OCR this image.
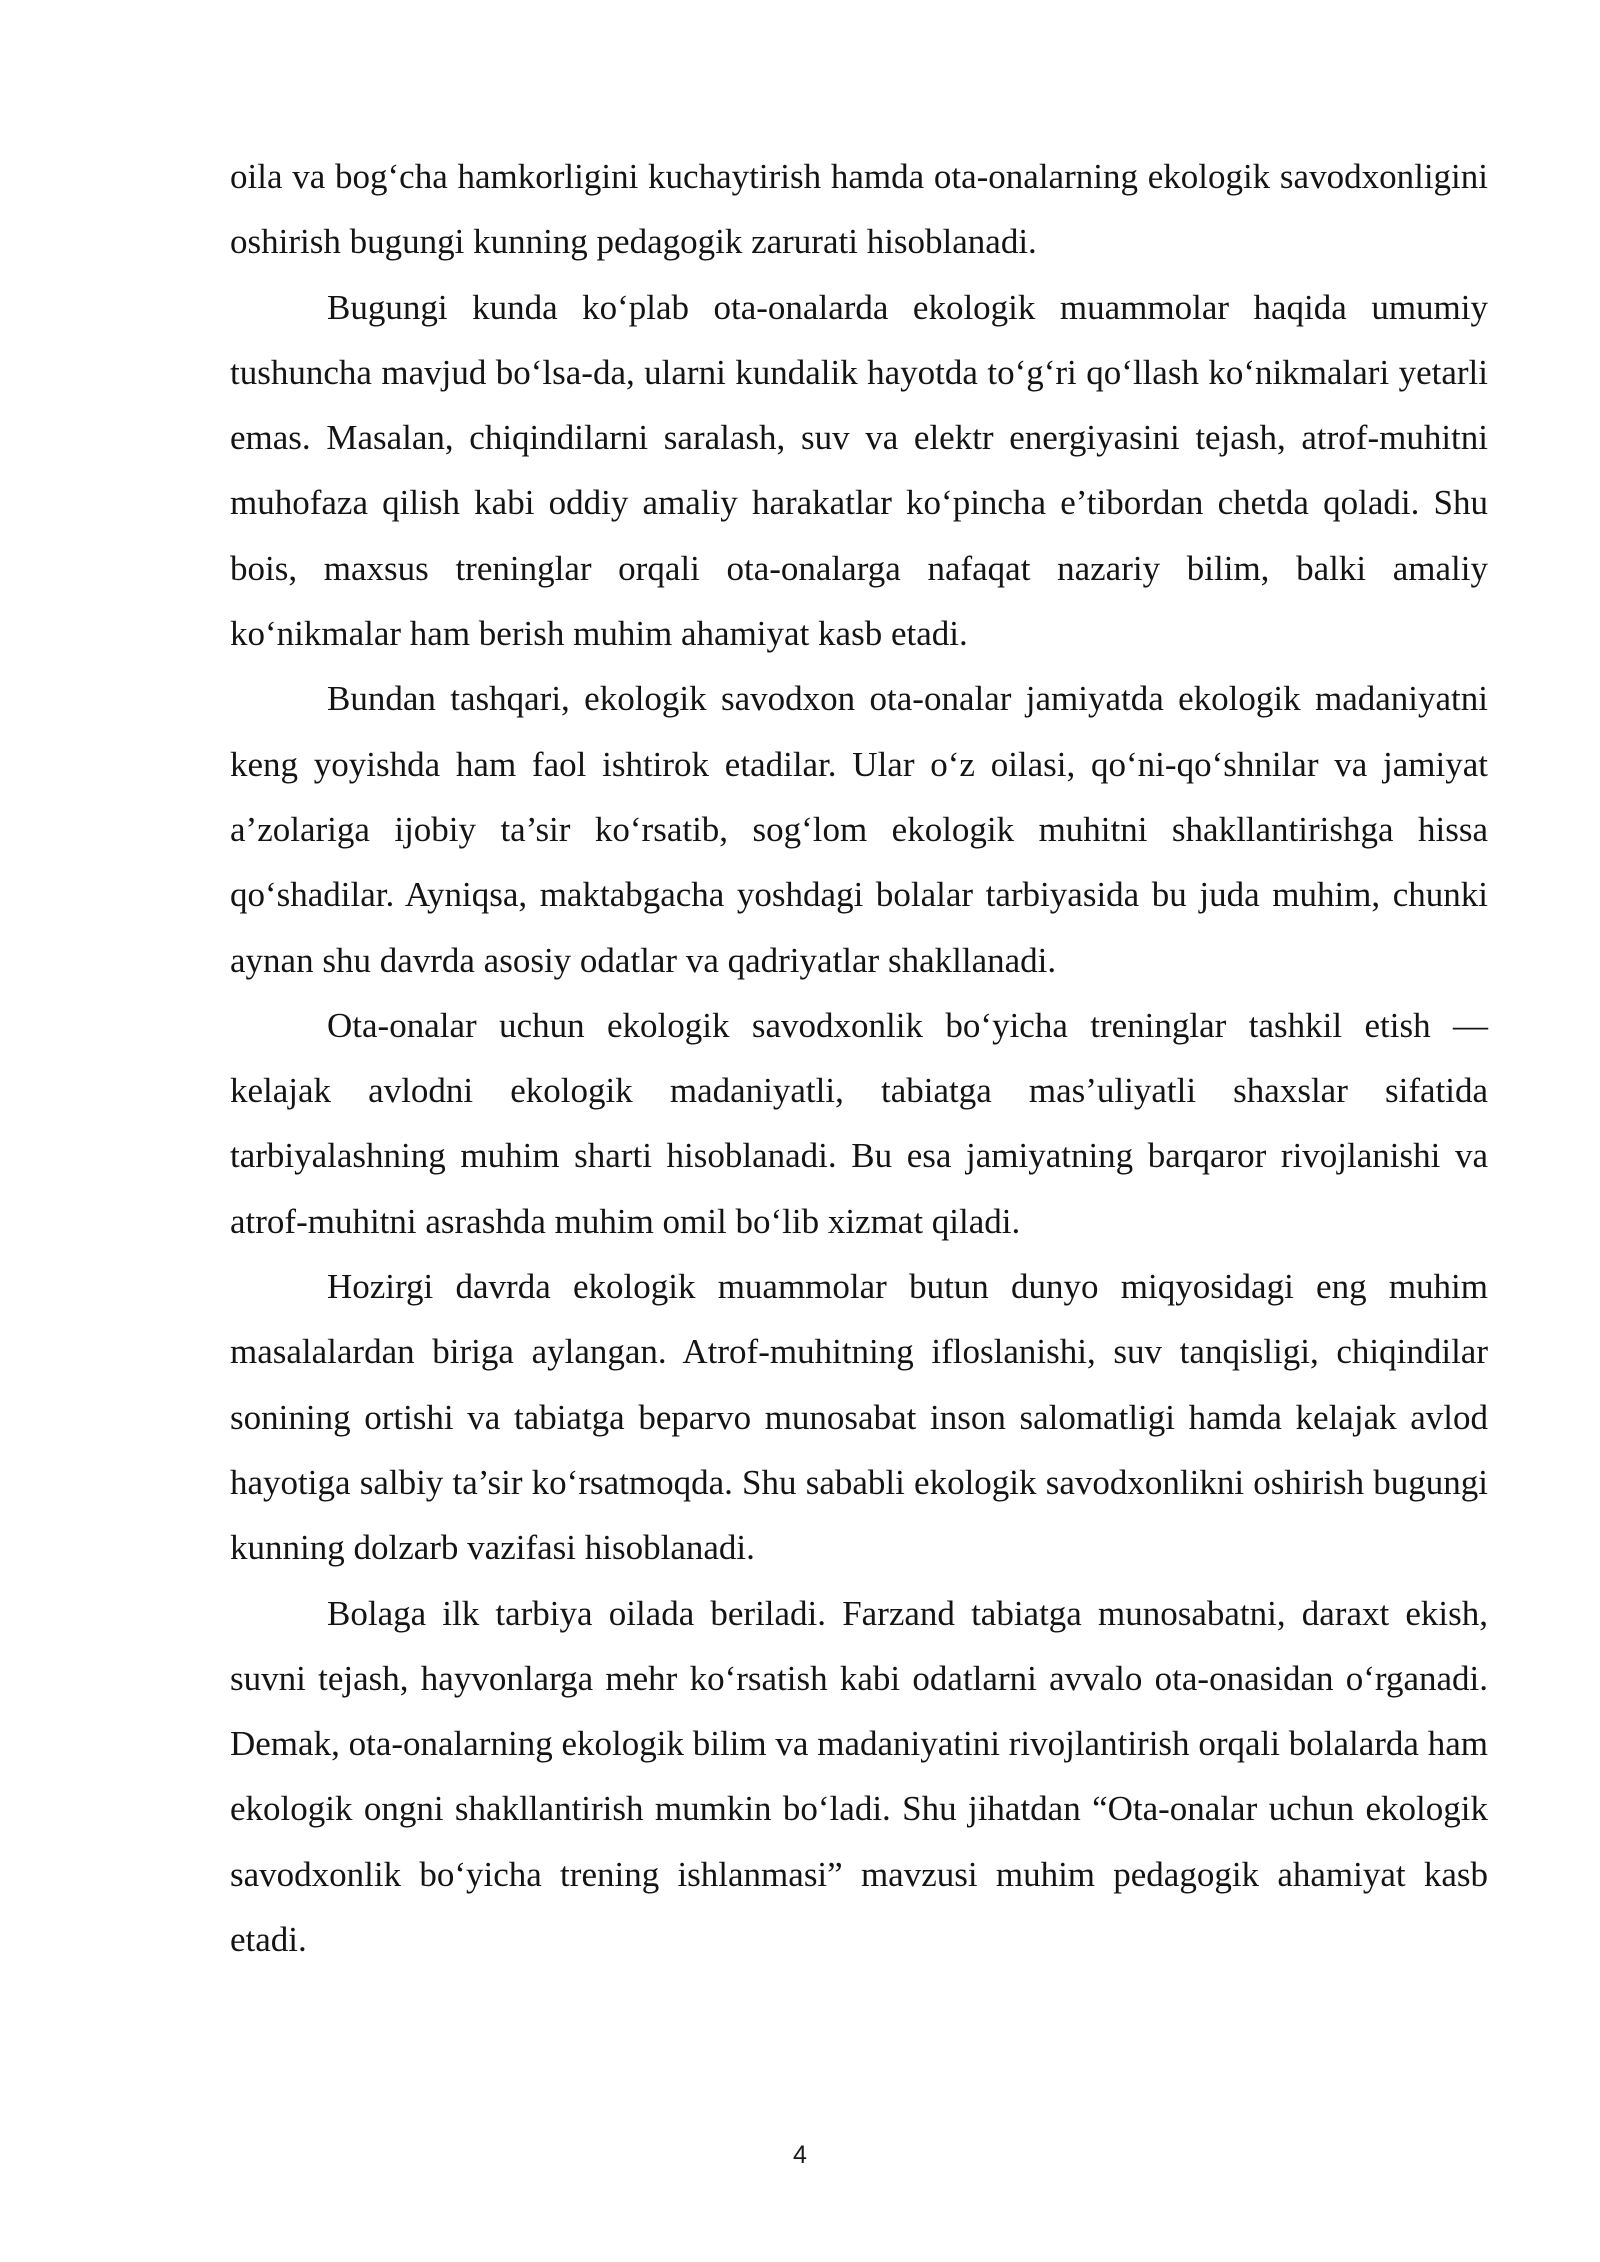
oila va bog‘cha hamkorligini kuchaytirish hamda ota-onalarning ekologik savodxonligini oshirish bugungi kunning pedagogik zarurati hisoblanadi.

Bugungi kunda ko‘plab ota-onalarda ekologik muammolar haqida umumiy tushuncha mavjud bo‘lsa-da, ularni kundalik hayotda to‘g‘ri qo‘llash ko‘nikmalari yetarli emas. Masalan, chiqindilarni saralash, suv va elektr energiyasini tejash, atrof-muhitni muhofaza qilish kabi oddiy amaliy harakatlar ko‘pincha e’tibordan chetda qoladi. Shu bois, maxsus treninglar orqali ota-onalarga nafaqat nazariy bilim, balki amaliy ko‘nikmalar ham berish muhim ahamiyat kasb etadi.

Bundan tashqari, ekologik savodxon ota-onalar jamiyatda ekologik madaniyatni keng yoyishda ham faol ishtirok etadilar. Ular o‘z oilasi, qo‘ni-qo‘shnilar va jamiyat a’zolariga ijobiy ta’sir ko‘rsatib, sog‘lom ekologik muhitni shakllantirishga hissa qo‘shadilar. Ayniqsa, maktabgacha yoshdagi bolalar tarbiyasida bu juda muhim, chunki aynan shu davrda asosiy odatlar va qadriyatlar shakllanadi.

Ota-onalar uchun ekologik savodxonlik bo‘yicha treninglar tashkil etish — kelajak avlodni ekologik madaniyatli, tabiatga mas’uliyatli shaxslar sifatida tarbiyalashning muhim sharti hisoblanadi. Bu esa jamiyatning barqaror rivojlanishi va atrof-muhitni asrashda muhim omil bo‘lib xizmat qiladi.

Hozirgi davrda ekologik muammolar butun dunyo miqyosidagi eng muhim masalalardan biriga aylangan. Atrof-muhitning ifloslanishi, suv tanqisligi, chiqindilar sonining ortishi va tabiatga beparvo munosabat inson salomatligi hamda kelajak avlod hayotiga salbiy ta’sir ko‘rsatmoqda. Shu sababli ekologik savodxonlikni oshirish bugungi kunning dolzarb vazifasi hisoblanadi.

Bolaga ilk tarbiya oilada beriladi. Farzand tabiatga munosabatni, daraxt ekish, suvni tejash, hayvonlarga mehr ko‘rsatish kabi odatlarni avvalo ota-onasidan o‘rganadi. Demak, ota-onalarning ekologik bilim va madaniyatini rivojlantirish orqali bolalarda ham ekologik ongni shakllantirish mumkin bo‘ladi. Shu jihatdan “Ota-onalar uchun ekologik savodxonlik bo‘yicha trening ishlanmasi” mavzusi muhim pedagogik ahamiyat kasb etadi.

4
